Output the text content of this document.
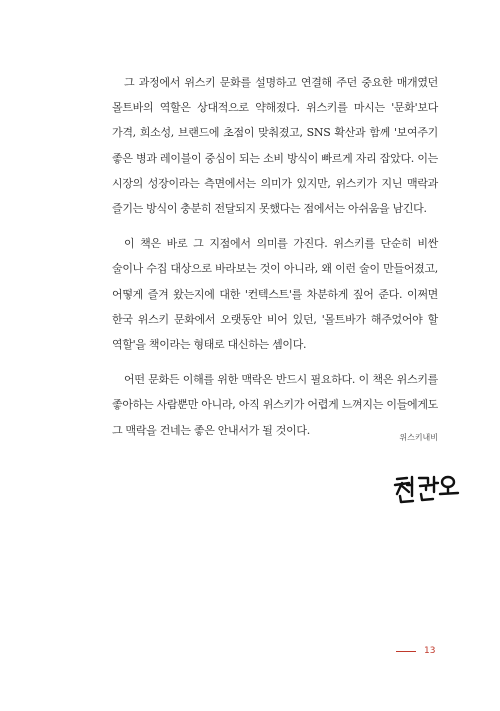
그 과정에서 위스키 문화를 설명하고 연결해 주던 중요한 매개였던 몰트바의 역할은 상대적으로 약해졌다. 위스키를 마시는 '문화'보다 가격, 희소성, 브랜드에 초점이 맞춰졌고, SNS 확산과 함께 '보여주기 좋은 병과 레이블이 중심이 되는 소비 방식이 빠르게 자리 잡았다. 이는 시장의 성장이라는 측면에서는 의미가 있지만, 위스키가 지닌 맥락과 즐기는 방식이 충분히 전달되지 못했다는 점에서는 아쉬움을 남긴다.

이 책은 바로 그 지점에서 의미를 가진다. 위스키를 단순히 비싼 술이나 수집 대상으로 바라보는 것이 아니라, 왜 이런 술이 만들어졌고, 어떻게 즐겨 왔는지에 대한 '컨텍스트'를 차분하게 짚어 준다. 이쩌면 한국 위스키 문화에서 오랫동안 비어 있던, '몰트바가 해주었어야 할 역할'을 책이라는 형태로 대신하는 셈이다.

어떤 문화든 이해를 위한 맥락은 반드시 필요하다. 이 책은 위스키를 좋아하는 사람뿐만 아니라, 아직 위스키가 어렵게 느껴지는 이들에게도 그 맥락을 건네는 좋은 안내서가 될 것이다.

위스키내비
13
